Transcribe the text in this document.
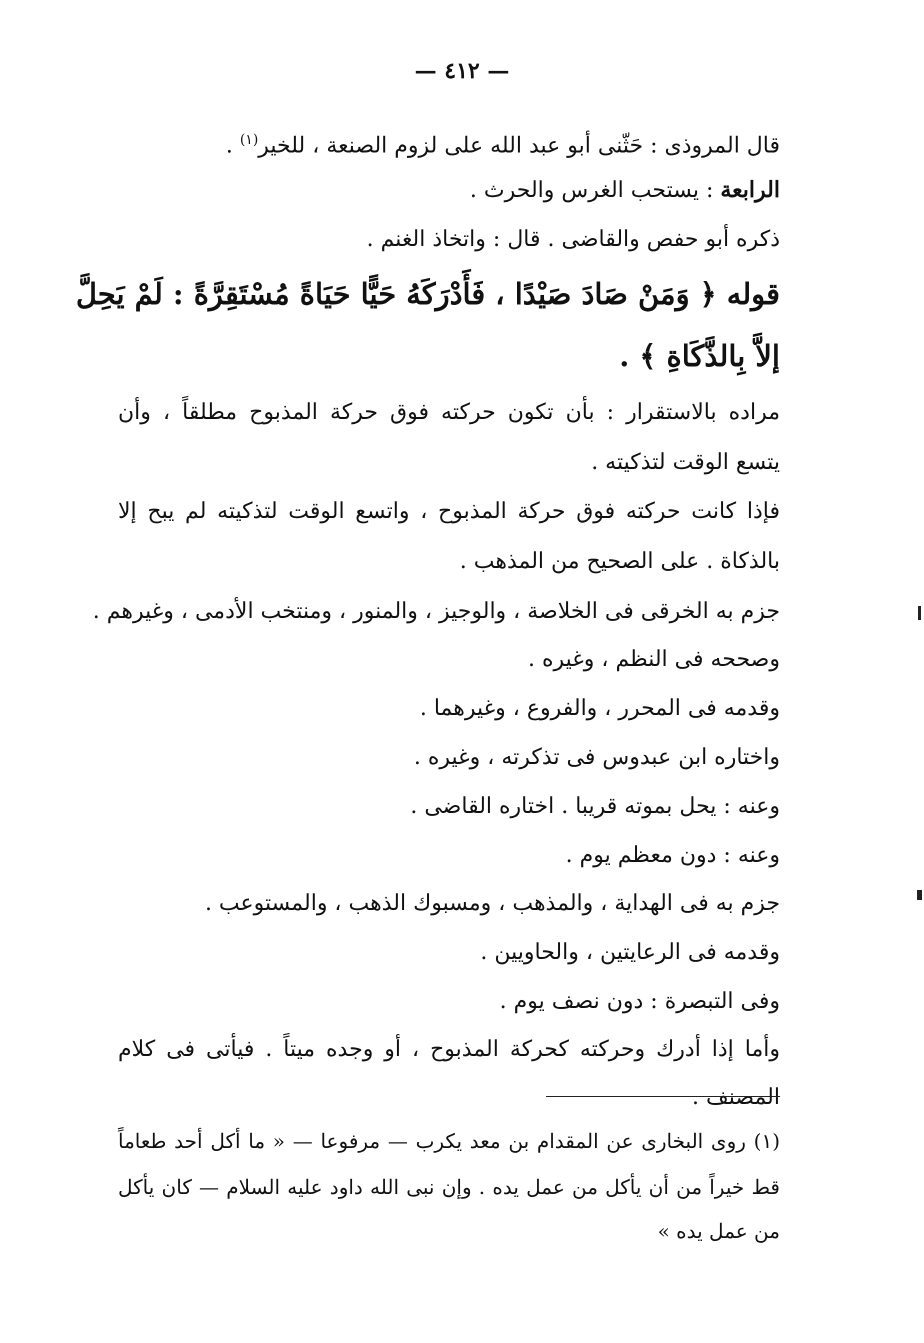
— ٤١٢ —
قال المروذى : حَثّنى أبو عبد الله على لزوم الصنعة ، للخير$^{(١)}$ .
الرابعة : يستحب الغرس والحرث .
ذكره أبو حفص والقاضى . قال : واتخاذ الغنم .
قوله ﴿ وَمَنْ صَادَ صَيْدًا ، فَأَدْرَكَهُ حَيًّا حَيَاةً مُسْتَقِرَّةً : لَمْ يَحِلَّ
إلاَّ بِالذَّكَاةِ ﴾ .
مراده بالاستقرار : بأن تكون حركته فوق حركة المذبوح مطلقاً ، وأن
يتسع الوقت لتذكيته .
فإذا كانت حركته فوق حركة المذبوح ، واتسع الوقت لتذكيته لم يبح إلا
بالذكاة . على الصحيح من المذهب .
جزم به الخرقى فى الخلاصة ، والوجيز ، والمنور ، ومنتخب الأدمى ، وغيرهم .
وصححه فى النظم ، وغيره .
وقدمه فى المحرر ، والفروع ، وغيرهما .
واختاره ابن عبدوس فى تذكرته ، وغيره .
وعنه : يحل بموته قريبا . اختاره القاضى .
وعنه : دون معظم يوم .
جزم به فى الهداية ، والمذهب ، ومسبوك الذهب ، والمستوعب .
وقدمه فى الرعايتين ، والحاويين .
وفى التبصرة : دون نصف يوم .
وأما إذا أدرك وحركته كحركة المذبوح ، أو وجده ميتاً . فيأتى فى كلام
المصنف .
(١) روى البخارى عن المقدام بن معد يكرب — مرفوعا — « ما أكل أحد طعاماً
قط خيراً من أن يأكل من عمل يده . وإن نبى الله داود عليه السلام — كان يأكل
من عمل يده »
